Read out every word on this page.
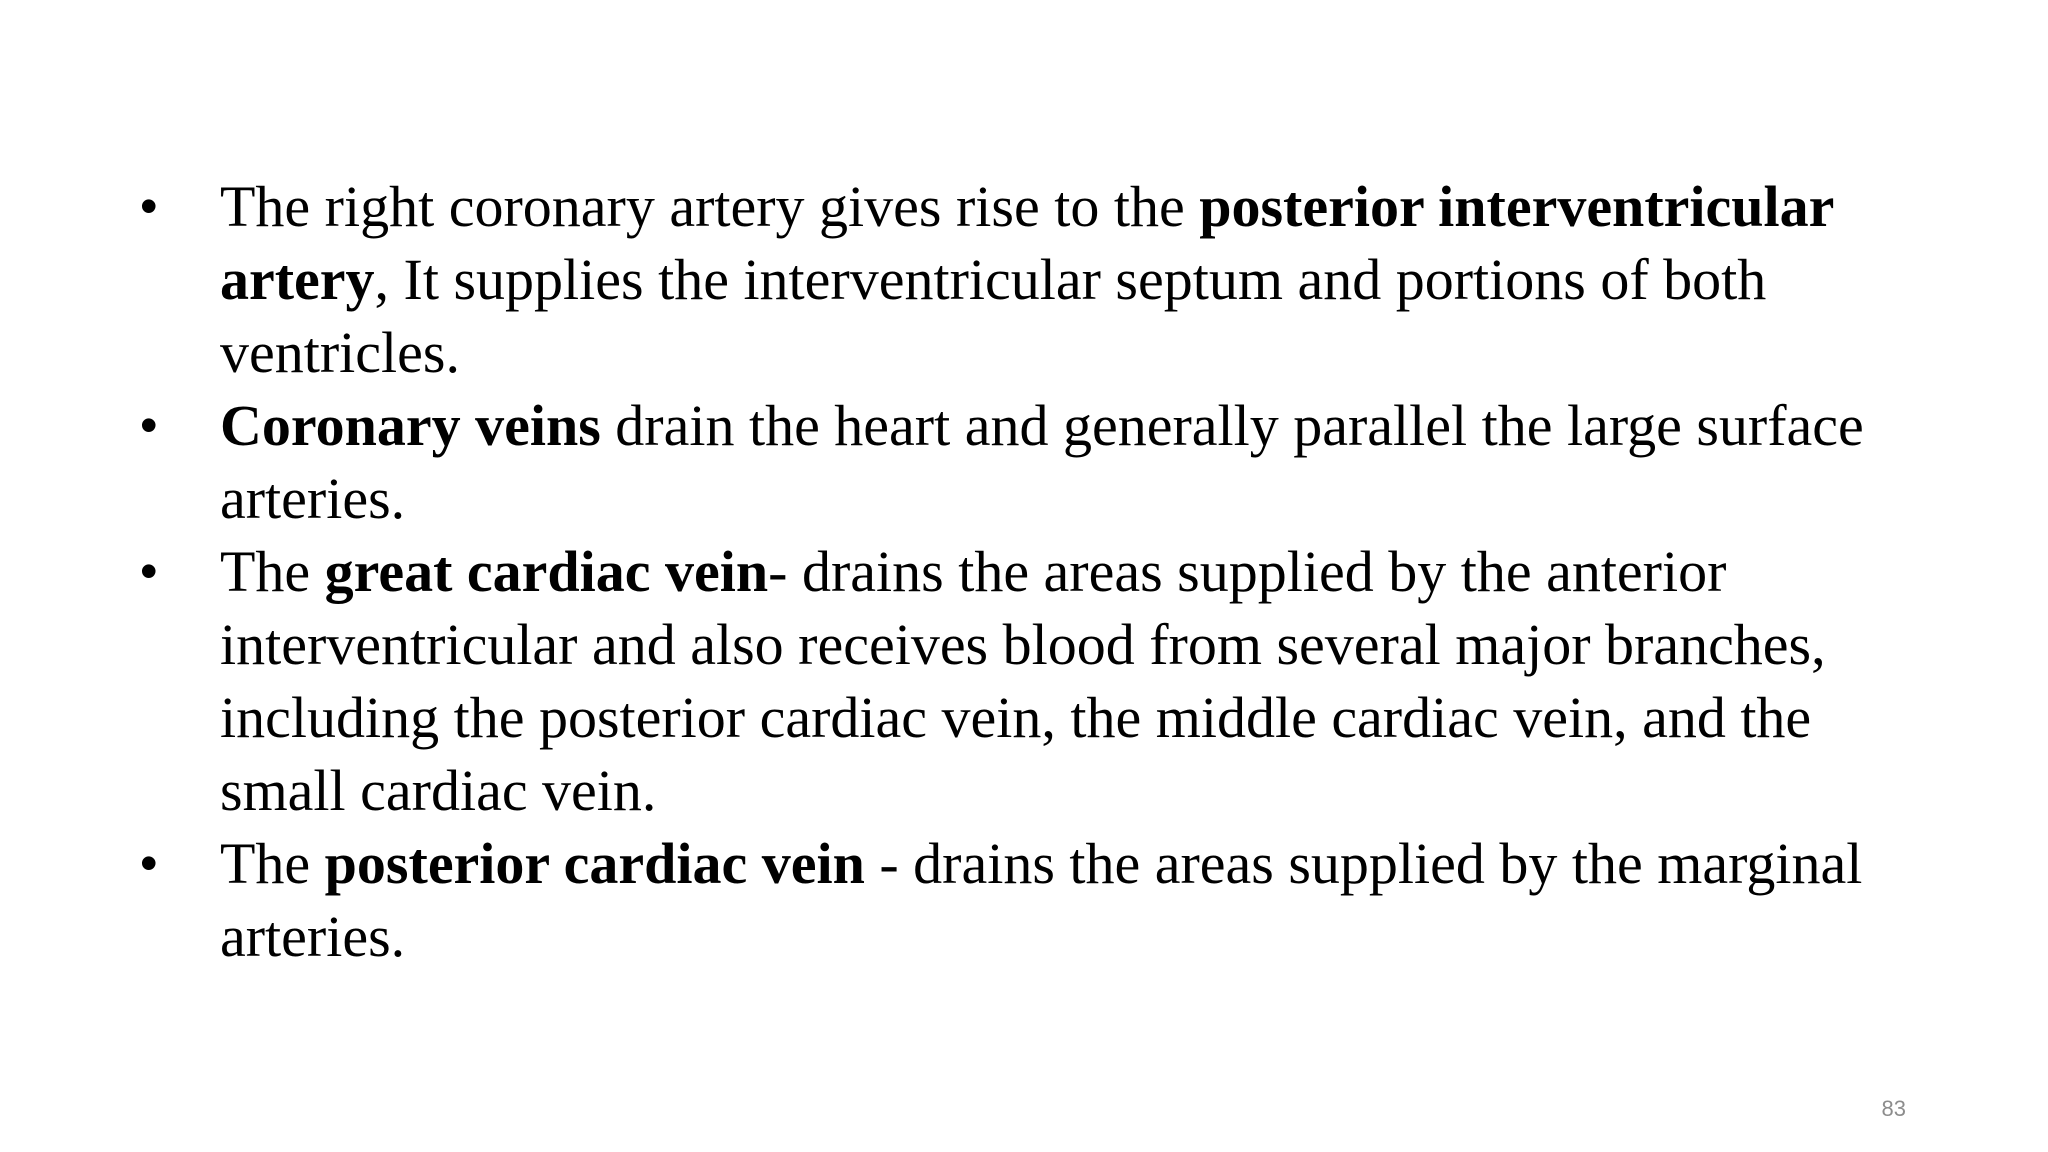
•	The right coronary artery gives rise to the posterior interventricular artery, It supplies the interventricular septum and portions of both ventricles.
•	Coronary veins drain the heart and generally parallel the large surface arteries.
•	The great cardiac vein- drains the areas supplied by the anterior interventricular and also receives blood from several major branches, including the posterior cardiac vein, the middle cardiac vein, and the small cardiac vein.
•	The posterior cardiac vein - drains the areas supplied by the marginal arteries.
83
